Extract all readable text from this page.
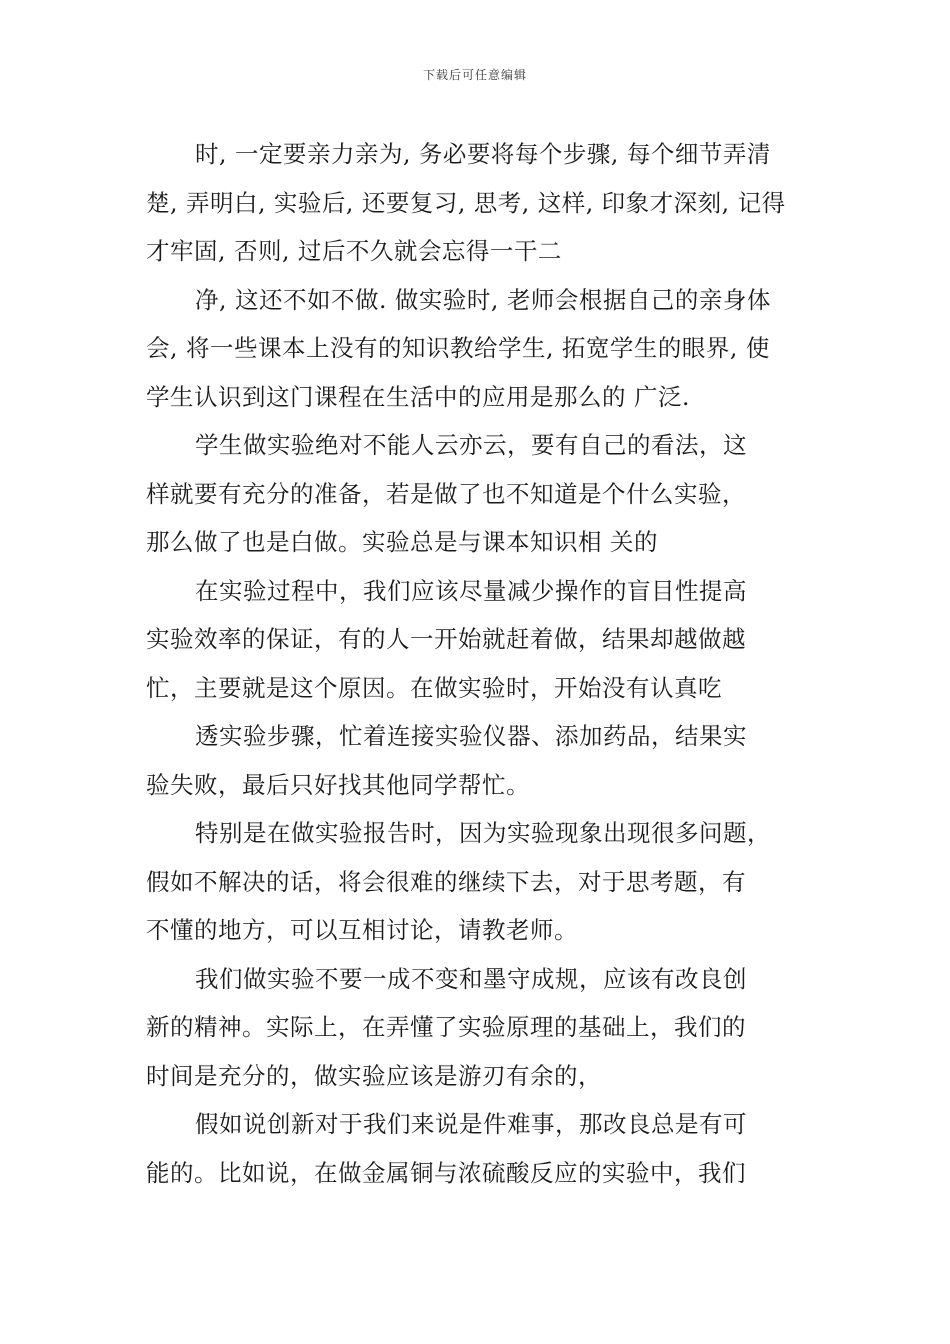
下载后可任意编辑

时, 一定要亲力亲为, 务必要将每个步骤, 每个细节弄清
楚, 弄明白, 实验后, 还要复习, 思考, 这样, 印象才深刻, 记得
才牢固, 否则, 过后不久就会忘得一干二

净, 这还不如不做. 做实验时, 老师会根据自己的亲身体
会, 将一些课本上没有的知识教给学生, 拓宽学生的眼界, 使
学生认识到这门课程在生活中的应用是那么的 广泛.

学生做实验绝对不能人云亦云，要有自己的看法，这
样就要有充分的准备，若是做了也不知道是个什么实验，
那么做了也是白做。实验总是与课本知识相 关的

在实验过程中，我们应该尽量减少操作的盲目性提高
实验效率的保证，有的人一开始就赶着做，结果却越做越
忙，主要就是这个原因。在做实验时，开始没有认真吃

透实验步骤，忙着连接实验仪器、添加药品，结果实
验失败，最后只好找其他同学帮忙。

特别是在做实验报告时，因为实验现象出现很多问题，
假如不解决的话，将会很难的继续下去，对于思考题，有
不懂的地方，可以互相讨论，请教老师。

我们做实验不要一成不变和墨守成规，应该有改良创
新的精神。实际上，在弄懂了实验原理的基础上，我们的
时间是充分的，做实验应该是游刃有余的，

假如说创新对于我们来说是件难事，那改良总是有可
能的。比如说，在做金属铜与浓硫酸反应的实验中，我们
